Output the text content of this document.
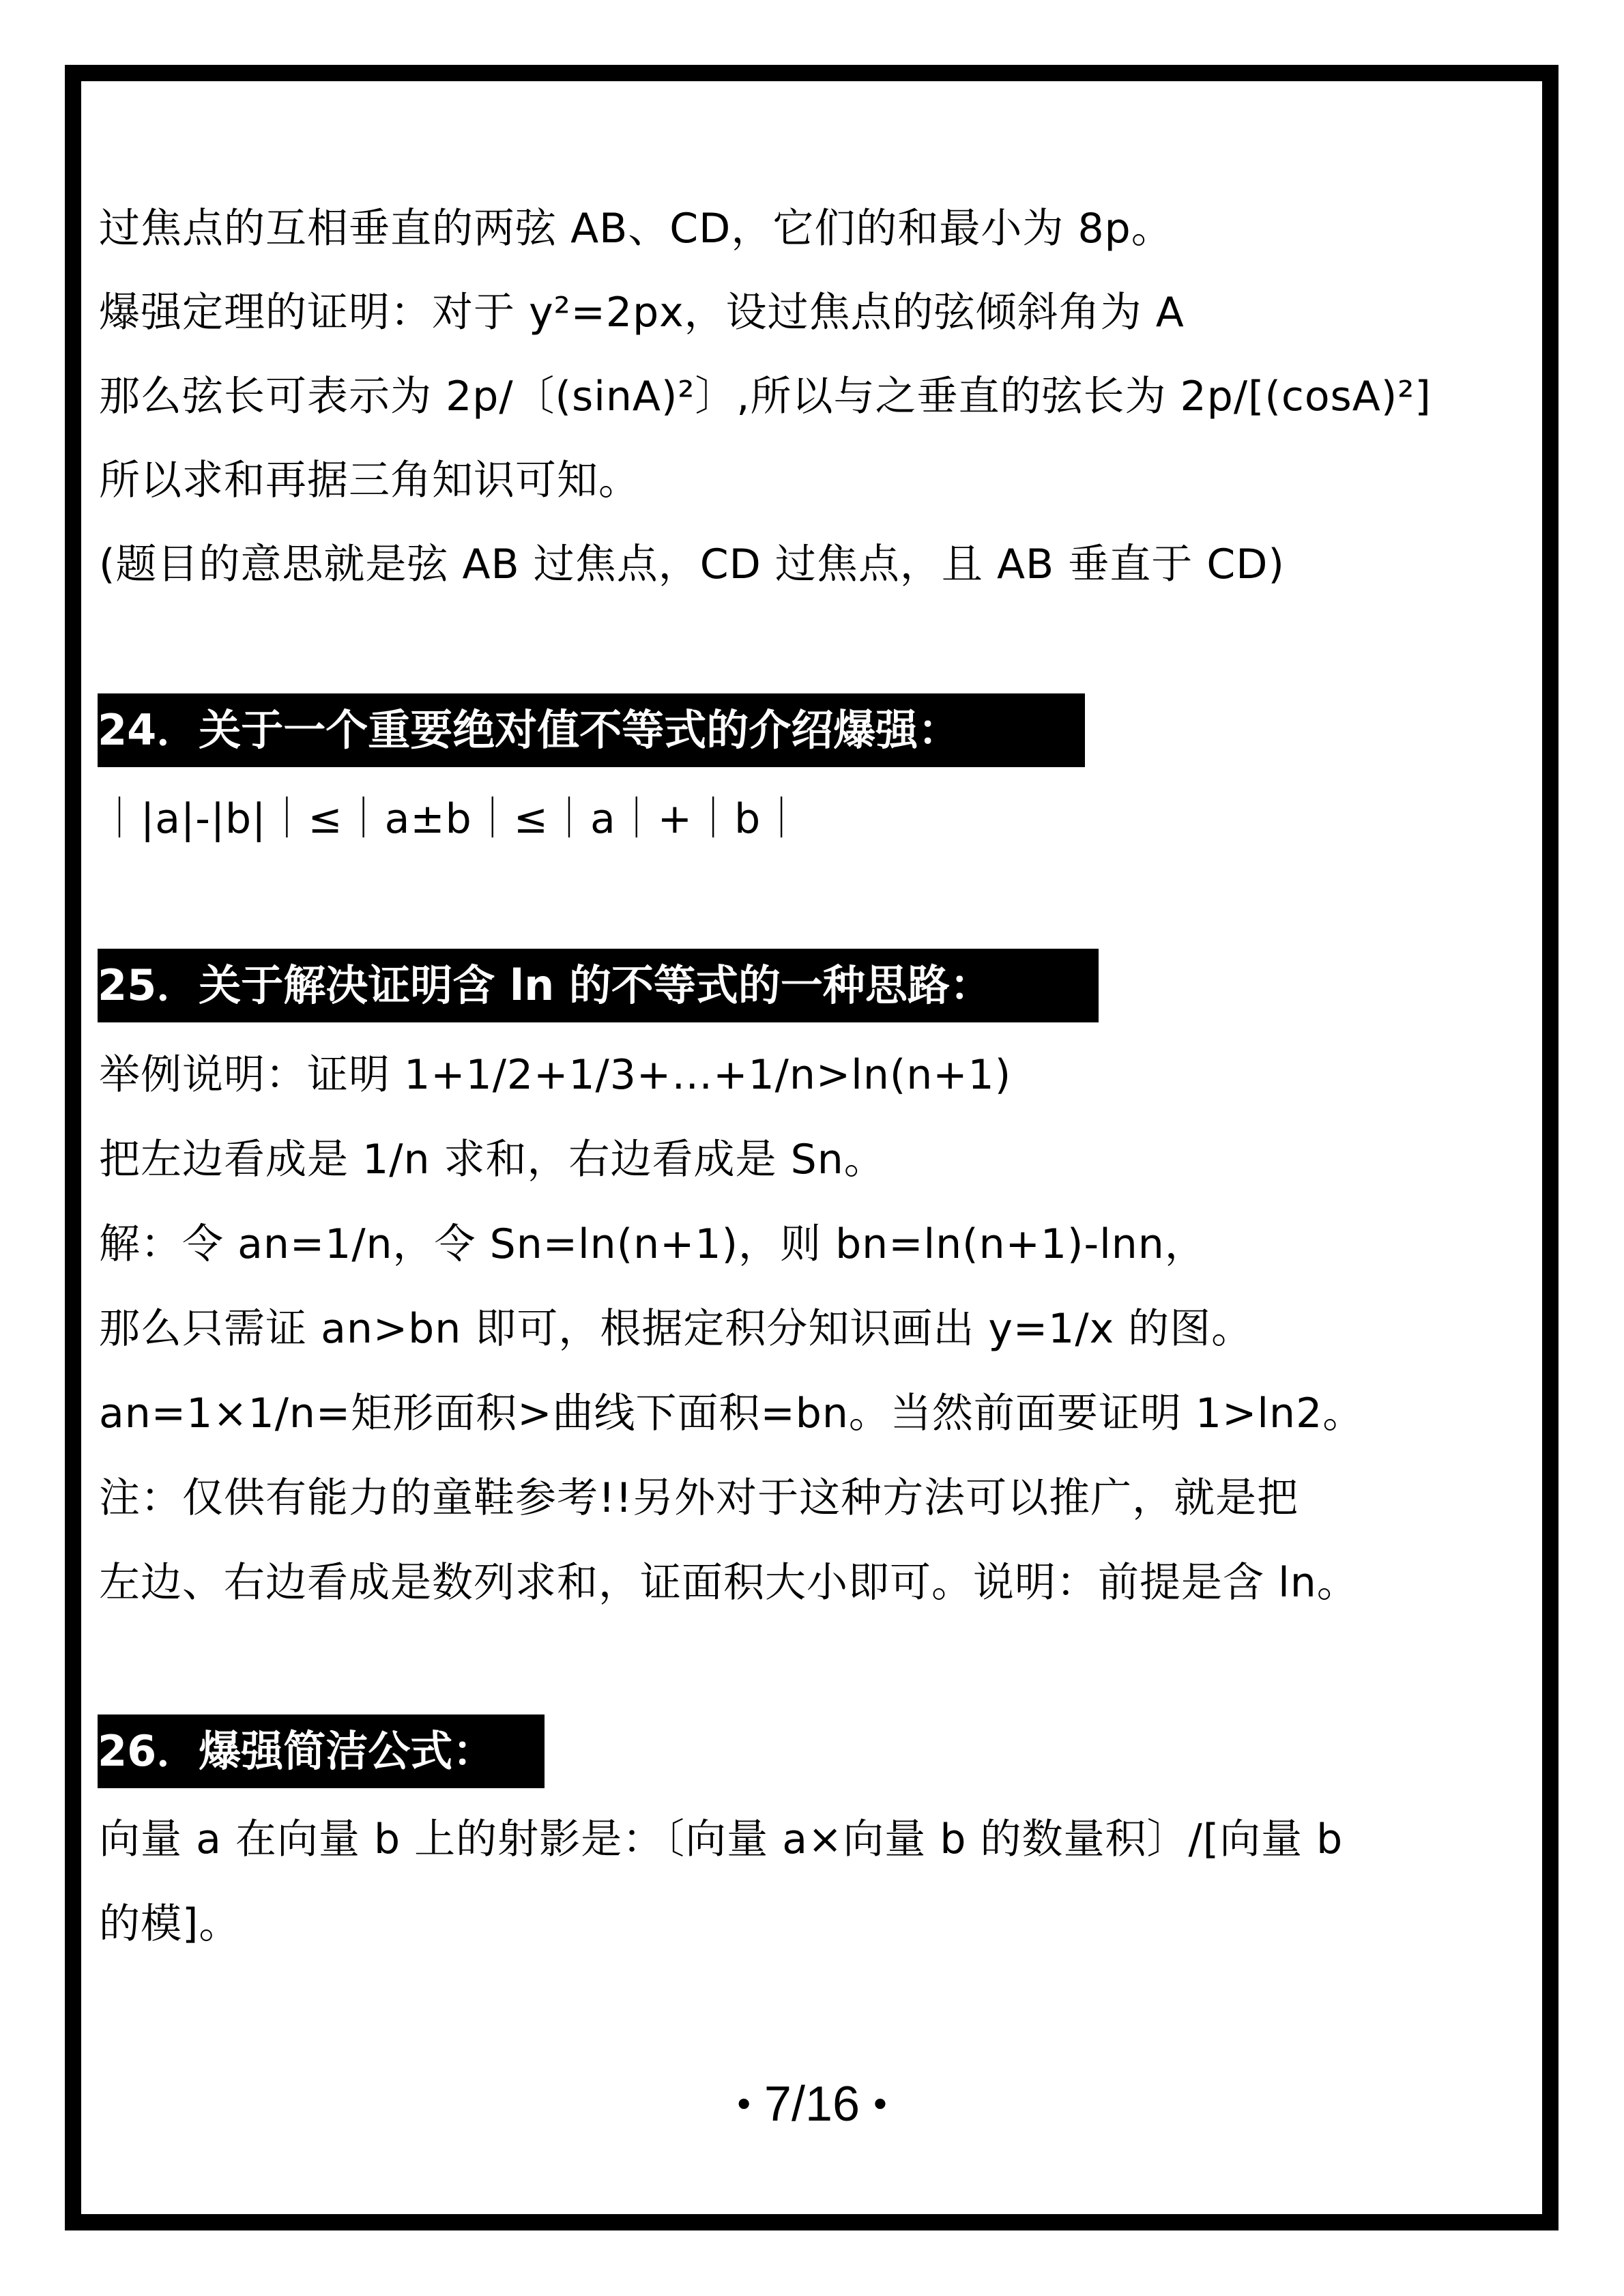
过焦点的互相垂直的两弦 AB、CD，它们的和最小为 8p。
爆强定理的证明：对于 y²=2px，设过焦点的弦倾斜角为 A
那么弦长可表示为 2p/〔(sinA)²〕,所以与之垂直的弦长为 2p/[(cosA)²]
所以求和再据三角知识可知。
(题目的意思就是弦 AB 过焦点，CD 过焦点，且 AB 垂直于 CD)
24．关于一个重要绝对值不等式的介绍爆强：
｜|a|-|b|｜≤｜a±b｜≤｜a｜+｜b｜
25．关于解决证明含 ln 的不等式的一种思路：
举例说明：证明 1+1/2+1/3+…+1/n>ln(n+1)
把左边看成是 1/n 求和，右边看成是 Sn。
解：令 an=1/n，令 Sn=ln(n+1)，则 bn=ln(n+1)-lnn，
那么只需证 an>bn 即可，根据定积分知识画出 y=1/x 的图。
an=1×1/n=矩形面积>曲线下面积=bn。当然前面要证明 1>ln2。
注：仅供有能力的童鞋参考!!另外对于这种方法可以推广，就是把
左边、右边看成是数列求和，证面积大小即可。说明：前提是含 ln。
26．爆强简洁公式：
向量 a 在向量 b 上的射影是：〔向量 a×向量 b 的数量积〕/[向量 b
的模]。
• 7/16 •
